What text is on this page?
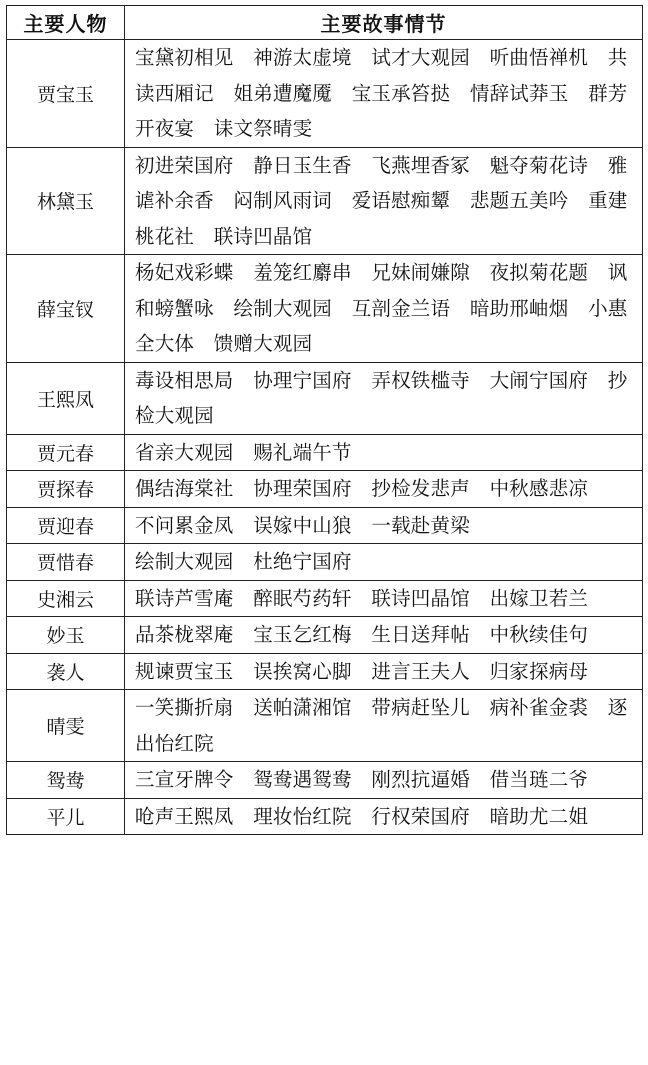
主要人物	主要故事情节
贾宝玉	宝黛初相见　神游太虚境　试才大观园　听曲悟禅机　共读西厢记　姐弟遭魔魇　宝玉承笞挞　情辞试莽玉　群芳开夜宴　诔文祭晴雯
林黛玉	初进荣国府　静日玉生香　飞燕埋香冢　魁夺菊花诗　雅谑补余香　闷制风雨词　爱语慰痴颦　悲题五美吟　重建桃花社　联诗凹晶馆
薛宝钗	杨妃戏彩蝶　羞笼红麝串　兄妹闹嫌隙　夜拟菊花题　讽和螃蟹咏　绘制大观园　互剖金兰语　暗助邢岫烟　小惠全大体　馈赠大观园
王熙凤	毒设相思局　协理宁国府　弄权铁槛寺　大闹宁国府　抄检大观园
贾元春	省亲大观园　赐礼端午节
贾探春	偶结海棠社　协理荣国府　抄检发悲声　中秋感悲凉
贾迎春	不问累金凤　误嫁中山狼　一载赴黄梁
贾惜春	绘制大观园　杜绝宁国府
史湘云	联诗芦雪庵　醉眠芍药轩　联诗凹晶馆　出嫁卫若兰
妙玉	品茶栊翠庵　宝玉乞红梅　生日送拜帖　中秋续佳句
袭人	规谏贾宝玉　误挨窝心脚　进言王夫人　归家探病母
晴雯	一笑撕折扇　送帕潇湘馆　带病赶坠儿　病补雀金裘　逐出怡红院
鸳鸯	三宣牙牌令　鸳鸯遇鸳鸯　刚烈抗逼婚　借当琏二爷
平儿	呛声王熙凤　理妆怡红院　行权荣国府　暗助尤二姐
